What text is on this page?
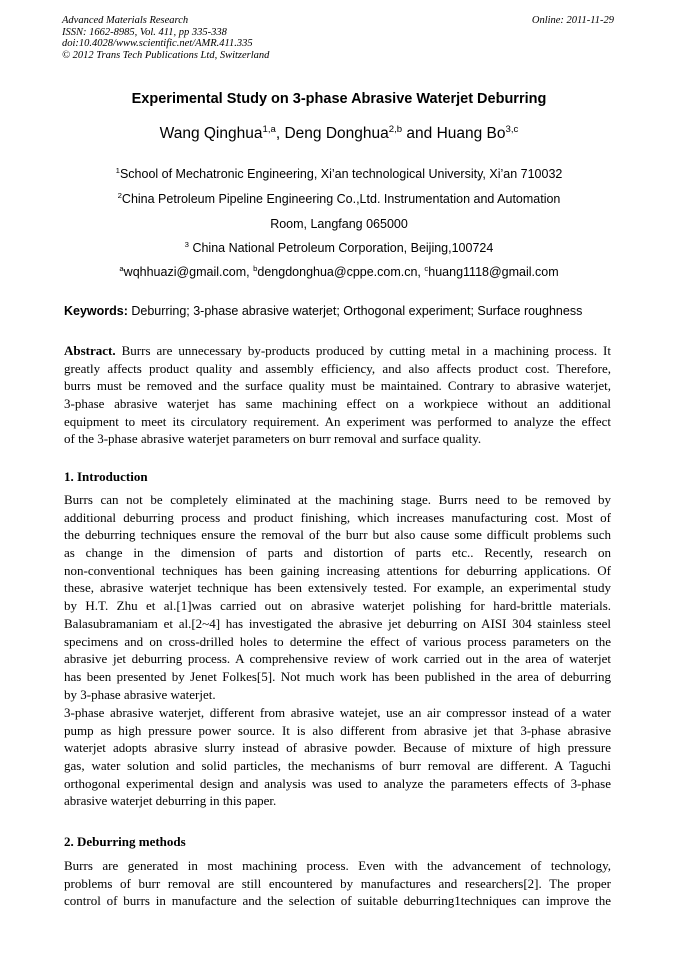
Advanced Materials Research
ISSN: 1662-8985, Vol. 411, pp 335-338
doi:10.4028/www.scientific.net/AMR.411.335
© 2012 Trans Tech Publications Ltd, Switzerland
Online: 2011-11-29
Experimental Study on 3-phase Abrasive Waterjet Deburring
Wang Qinghua$^{1,a}$, Deng Donghua$^{2,b}$ and Huang Bo$^{3,c}$
$^1$School of Mechatronic Engineering, Xi’an technological University, Xi’an 710032
$^2$China Petroleum Pipeline Engineering Co.,Ltd. Instrumentation and Automation
Room, Langfang 065000
$^3$ China National Petroleum Corporation, Beijing,100724
$^a$wqhhuazi@gmail.com, $^b$dengdonghua@cppe.com.cn, $^c$huang1118@gmail.com
Keywords: Deburring; 3-phase abrasive waterjet; Orthogonal experiment; Surface roughness
Abstract. Burrs are unnecessary by-products produced by cutting metal in a machining process. It
greatly affects product quality and assembly efficiency, and also affects product cost. Therefore,
burrs must be removed and the surface quality must be maintained. Contrary to abrasive waterjet,
3-phase abrasive waterjet has same machining effect on a workpiece without an additional
equipment to meet its circulatory requirement. An experiment was performed to analyze the effect
of the 3-phase abrasive waterjet parameters on burr removal and surface quality.
1. Introduction
Burrs can not be completely eliminated at the machining stage. Burrs need to be removed by
additional deburring process and product finishing, which increases manufacturing cost. Most of
the deburring techniques ensure the removal of the burr but also cause some difficult problems such
as change in the dimension of parts and distortion of parts etc.. Recently, research on
non-conventional techniques has been gaining increasing attentions for deburring applications. Of
these, abrasive waterjet technique has been extensively tested. For example, an experimental study
by H.T. Zhu et al.[1]was carried out on abrasive waterjet polishing for hard-brittle materials.
Balasubramaniam et al.[2~4] has investigated the abrasive jet deburring on AISI 304 stainless steel
specimens and on cross-drilled holes to determine the effect of various process parameters on the
abrasive jet deburring process. A comprehensive review of work carried out in the area of waterjet
has been presented by Jenet Folkes[5]. Not much work has been published in the area of deburring
by 3-phase abrasive waterjet.
3-phase abrasive waterjet, different from abrasive watejet, use an air compressor instead of a water
pump as high pressure power source. It is also different from abrasive jet that 3-phase abrasive
waterjet adopts abrasive slurry instead of abrasive powder. Because of mixture of high pressure
gas, water solution and solid particles, the mechanisms of burr removal are different. A Taguchi
orthogonal experimental design and analysis was used to analyze the parameters effects of 3-phase
abrasive waterjet deburring in this paper.
2. Deburring methods
Burrs are generated in most machining process. Even with the advancement of technology,
problems of burr removal are still encountered by manufactures and researchers[2]. The proper
control of burrs in manufacture and the selection of suitable deburring1techniques can improve the
